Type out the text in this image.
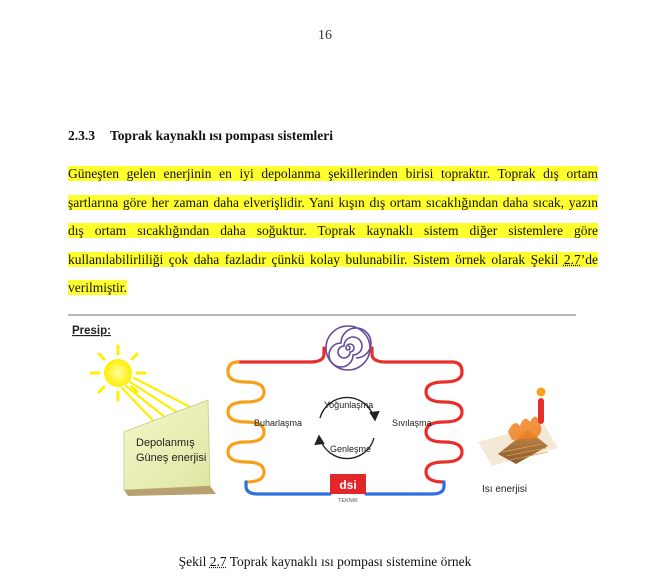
16
2.3.3 Toprak kaynaklı ısı pompası sistemleri
Güneşten gelen enerjinin en iyi depolanma şekillerinden birisi topraktır. Toprak dış ortam şartlarına göre her zaman daha elverişlidir. Yani kışın dış ortam sıcaklığından daha sıcak, yazın dış ortam sıcaklığından daha soğuktur. Toprak kaynaklı sistem diğer sistemlere göre kullanılabilirliliği çok daha fazladır çünkü kolay bulunabilir. Sistem örnek olarak Şekil 2.7’de verilmiştir.
Presip:
Depolanmış
Güneş enerjisi
Yoğunlaşma
Genleşme
Buharlaşma	Sıvılaşma
dsi
TEKNIK
Isı enerjisi
Şekil 2.7 Toprak kaynaklı ısı pompası sistemine örnek
